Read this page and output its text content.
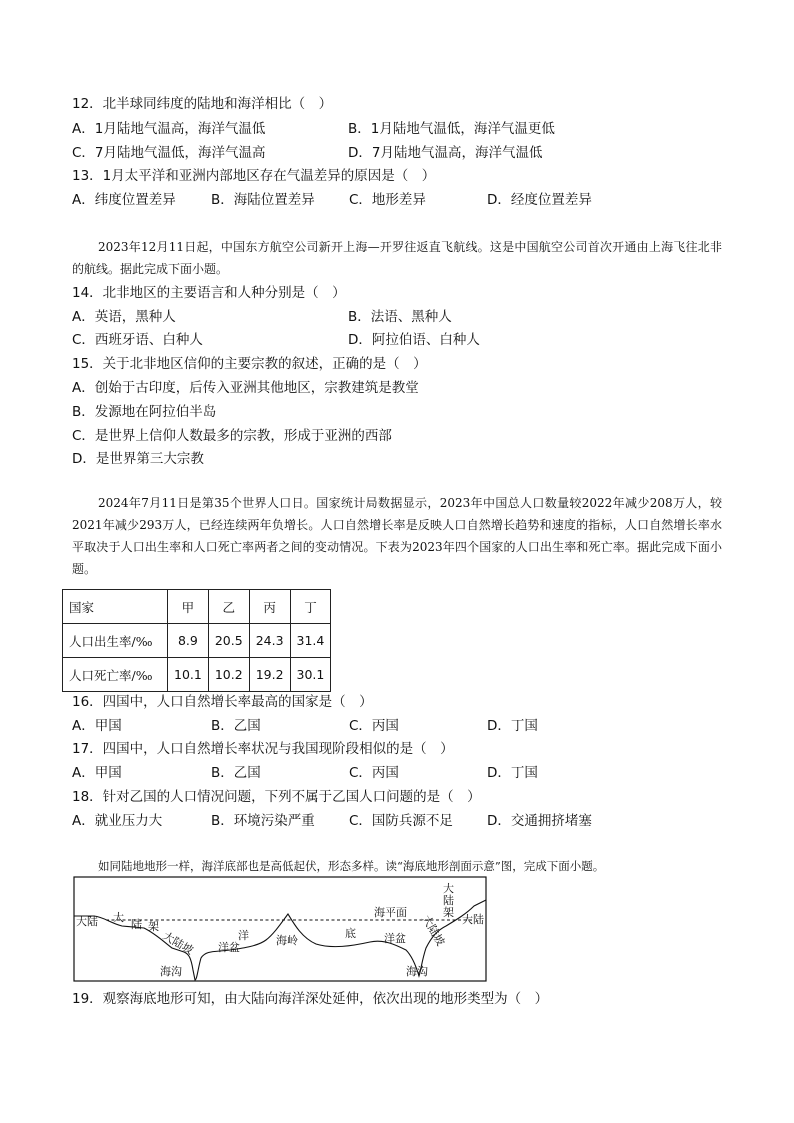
12．北半球同纬度的陆地和海洋相比（　）
A．1月陆地气温高，海洋气温低	B．1月陆地气温低，海洋气温更低
C．7月陆地气温低，海洋气温高	D．7月陆地气温高，海洋气温低
13．1月太平洋和亚洲内部地区存在气温差异的原因是（　）
A．纬度位置差异	B．海陆位置差异	C．地形差异	D．经度位置差异
2023年12月11日起，中国东方航空公司新开上海—开罗往返直飞航线。这是中国航空公司首次开通由上海飞往北非的航线。据此完成下面小题。
14．北非地区的主要语言和人种分别是（　）
A．英语，黑种人	B．法语、黑种人
C．西班牙语、白种人	D．阿拉伯语、白种人
15．关于北非地区信仰的主要宗教的叙述，正确的是（　）
A．创始于古印度，后传入亚洲其他地区，宗教建筑是教堂
B．发源地在阿拉伯半岛
C．是世界上信仰人数最多的宗教，形成于亚洲的西部
D．是世界第三大宗教
2024年7月11日是第35个世界人口日。国家统计局数据显示，2023年中国总人口数量较2022年减少208万人，较2021年减少293万人，已经连续两年负增长。人口自然增长率是反映人口自然增长趋势和速度的指标，人口自然增长率水平取决于人口出生率和人口死亡率两者之间的变动情况。下表为2023年四个国家的人口出生率和死亡率。据此完成下面小题。
国家	甲	乙	丙	丁
人口出生率/‰	8.9	20.5	24.3	31.4
人口死亡率/‰	10.1	10.2	19.2	30.1
16．四国中，人口自然增长率最高的国家是（　）
A．甲国	B．乙国	C．丙国	D．丁国
17．四国中，人口自然增长率状况与我国现阶段相似的是（　）
A．甲国	B．乙国	C．丙国	D．丁国
18．针对乙国的人口情况问题，下列不属于乙国人口问题的是（　）
A．就业压力大	B．环境污染严重	C．国防兵源不足	D．交通拥挤堵塞
如同陆地地形一样，海洋底部也是高低起伏，形态多样。读“海底地形剖面示意”图，完成下面小题。
大陆 大
陆 架
大陆坡	洋
洋盆
海沟
海岭
海平面
底	洋盆
大
陆
架
大陆坡
海沟
大陆
19．观察海底地形可知，由大陆向海洋深处延伸，依次出现的地形类型为（　）
